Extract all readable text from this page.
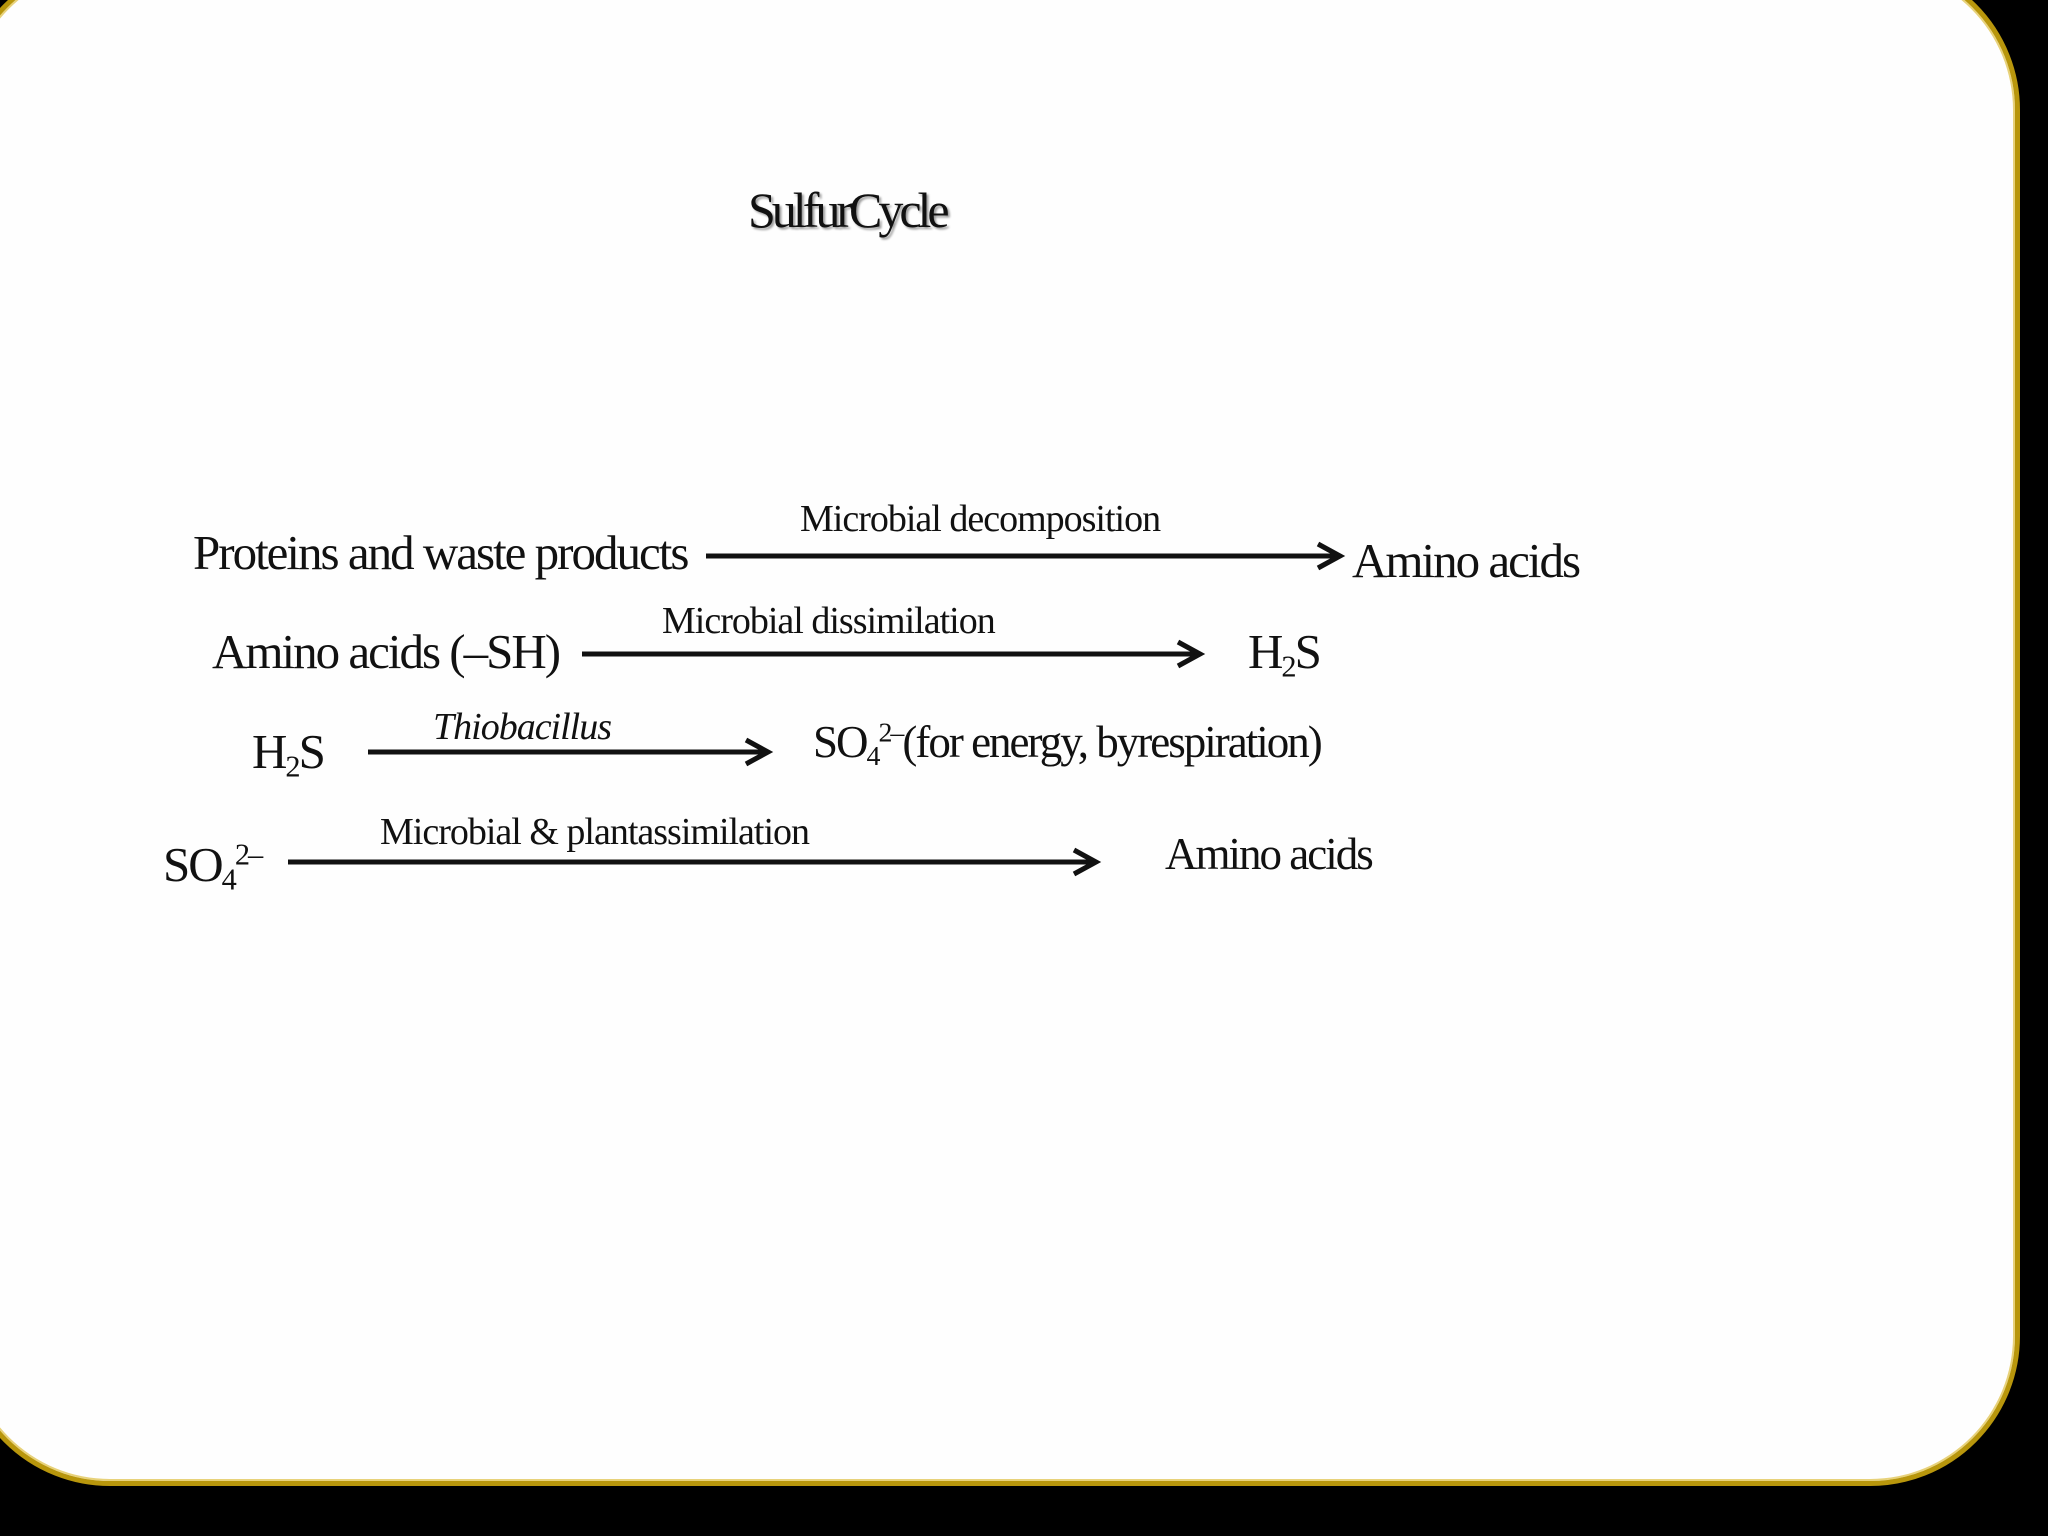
SulfurCycle
Proteins and waste products
Microbial decomposition
Amino acids
Amino acids (–SH)
Microbial dissimilation
$H_2S$
$H_2S$	Thiobacillus	$SO_4^{2-}(for$ energy, byrespiration)
$SO_4^{2-}$
Microbial & plantassimilation	Amino acids
